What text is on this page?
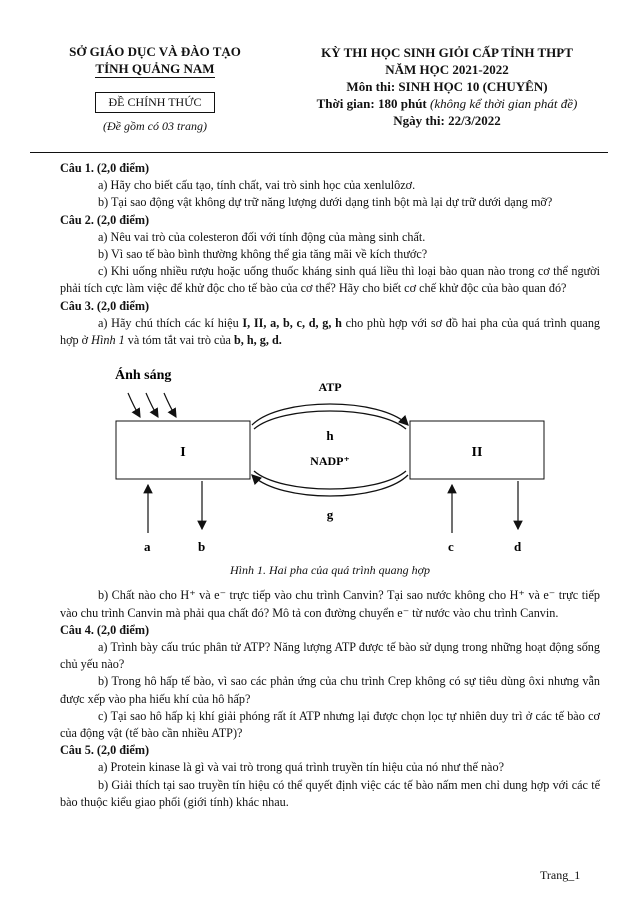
SỞ GIÁO DỤC VÀ ĐÀO TẠO
TỈNH QUẢNG NAM
ĐỀ CHÍNH THỨC
(Đề gồm có 03 trang)
KỲ THI HỌC SINH GIỎI CẤP TỈNH THPT
NĂM HỌC 2021-2022
Môn thi: SINH HỌC 10 (CHUYÊN)
Thời gian: 180 phút (không kể thời gian phát đề)
Ngày thi: 22/3/2022
Câu 1. (2,0 điểm)
a) Hãy cho biết cấu tạo, tính chất, vai trò sinh học của xenlulôzơ.
b) Tại sao động vật không dự trữ năng lượng dưới dạng tinh bột mà lại dự trữ dưới dạng mỡ?
Câu 2. (2,0 điểm)
a) Nêu vai trò của colesteron đối với tính động của màng sinh chất.
b) Vì sao tế bào bình thường không thể gia tăng mãi về kích thước?
c) Khi uống nhiều rượu hoặc uống thuốc kháng sinh quá liều thì loại bào quan nào trong cơ thể người phải tích cực làm việc để khử độc cho tế bào của cơ thể? Hãy cho biết cơ chế khử độc của bào quan đó?
Câu 3. (2,0 điểm)
a) Hãy chú thích các kí hiệu I, II, a, b, c, d, g, h cho phù hợp với sơ đồ hai pha của quá trình quang hợp ở Hình 1 và tóm tắt vai trò của b, h, g, d.
Ánh sáng
I	II
ATP
h
NADP⁺
g
a	b	c	d
Hình 1. Hai pha của quá trình quang hợp
b) Chất nào cho H⁺ và e⁻ trực tiếp vào chu trình Canvin? Tại sao nước không cho H⁺ và e⁻ trực tiếp vào chu trình Canvin mà phải qua chất đó? Mô tả con đường chuyển e⁻ từ nước vào chu trình Canvin.
Câu 4. (2,0 điểm)
a) Trình bày cấu trúc phân tử ATP? Năng lượng ATP được tế bào sử dụng trong những hoạt động sống chủ yếu nào?
b) Trong hô hấp tế bào, vì sao các phản ứng của chu trình Crep không có sự tiêu dùng ôxi nhưng vẫn được xếp vào pha hiếu khí của hô hấp?
c) Tại sao hô hấp kị khí giải phóng rất ít ATP nhưng lại được chọn lọc tự nhiên duy trì ở các tế bào cơ của động vật (tế bào cần nhiều ATP)?
Câu 5. (2,0 điểm)
a) Protein kinase là gì và vai trò trong quá trình truyền tín hiệu của nó như thế nào?
b) Giải thích tại sao truyền tín hiệu có thể quyết định việc các tế bào nấm men chỉ dung hợp với các tế bào thuộc kiểu giao phối (giới tính) khác nhau.
Trang_1
